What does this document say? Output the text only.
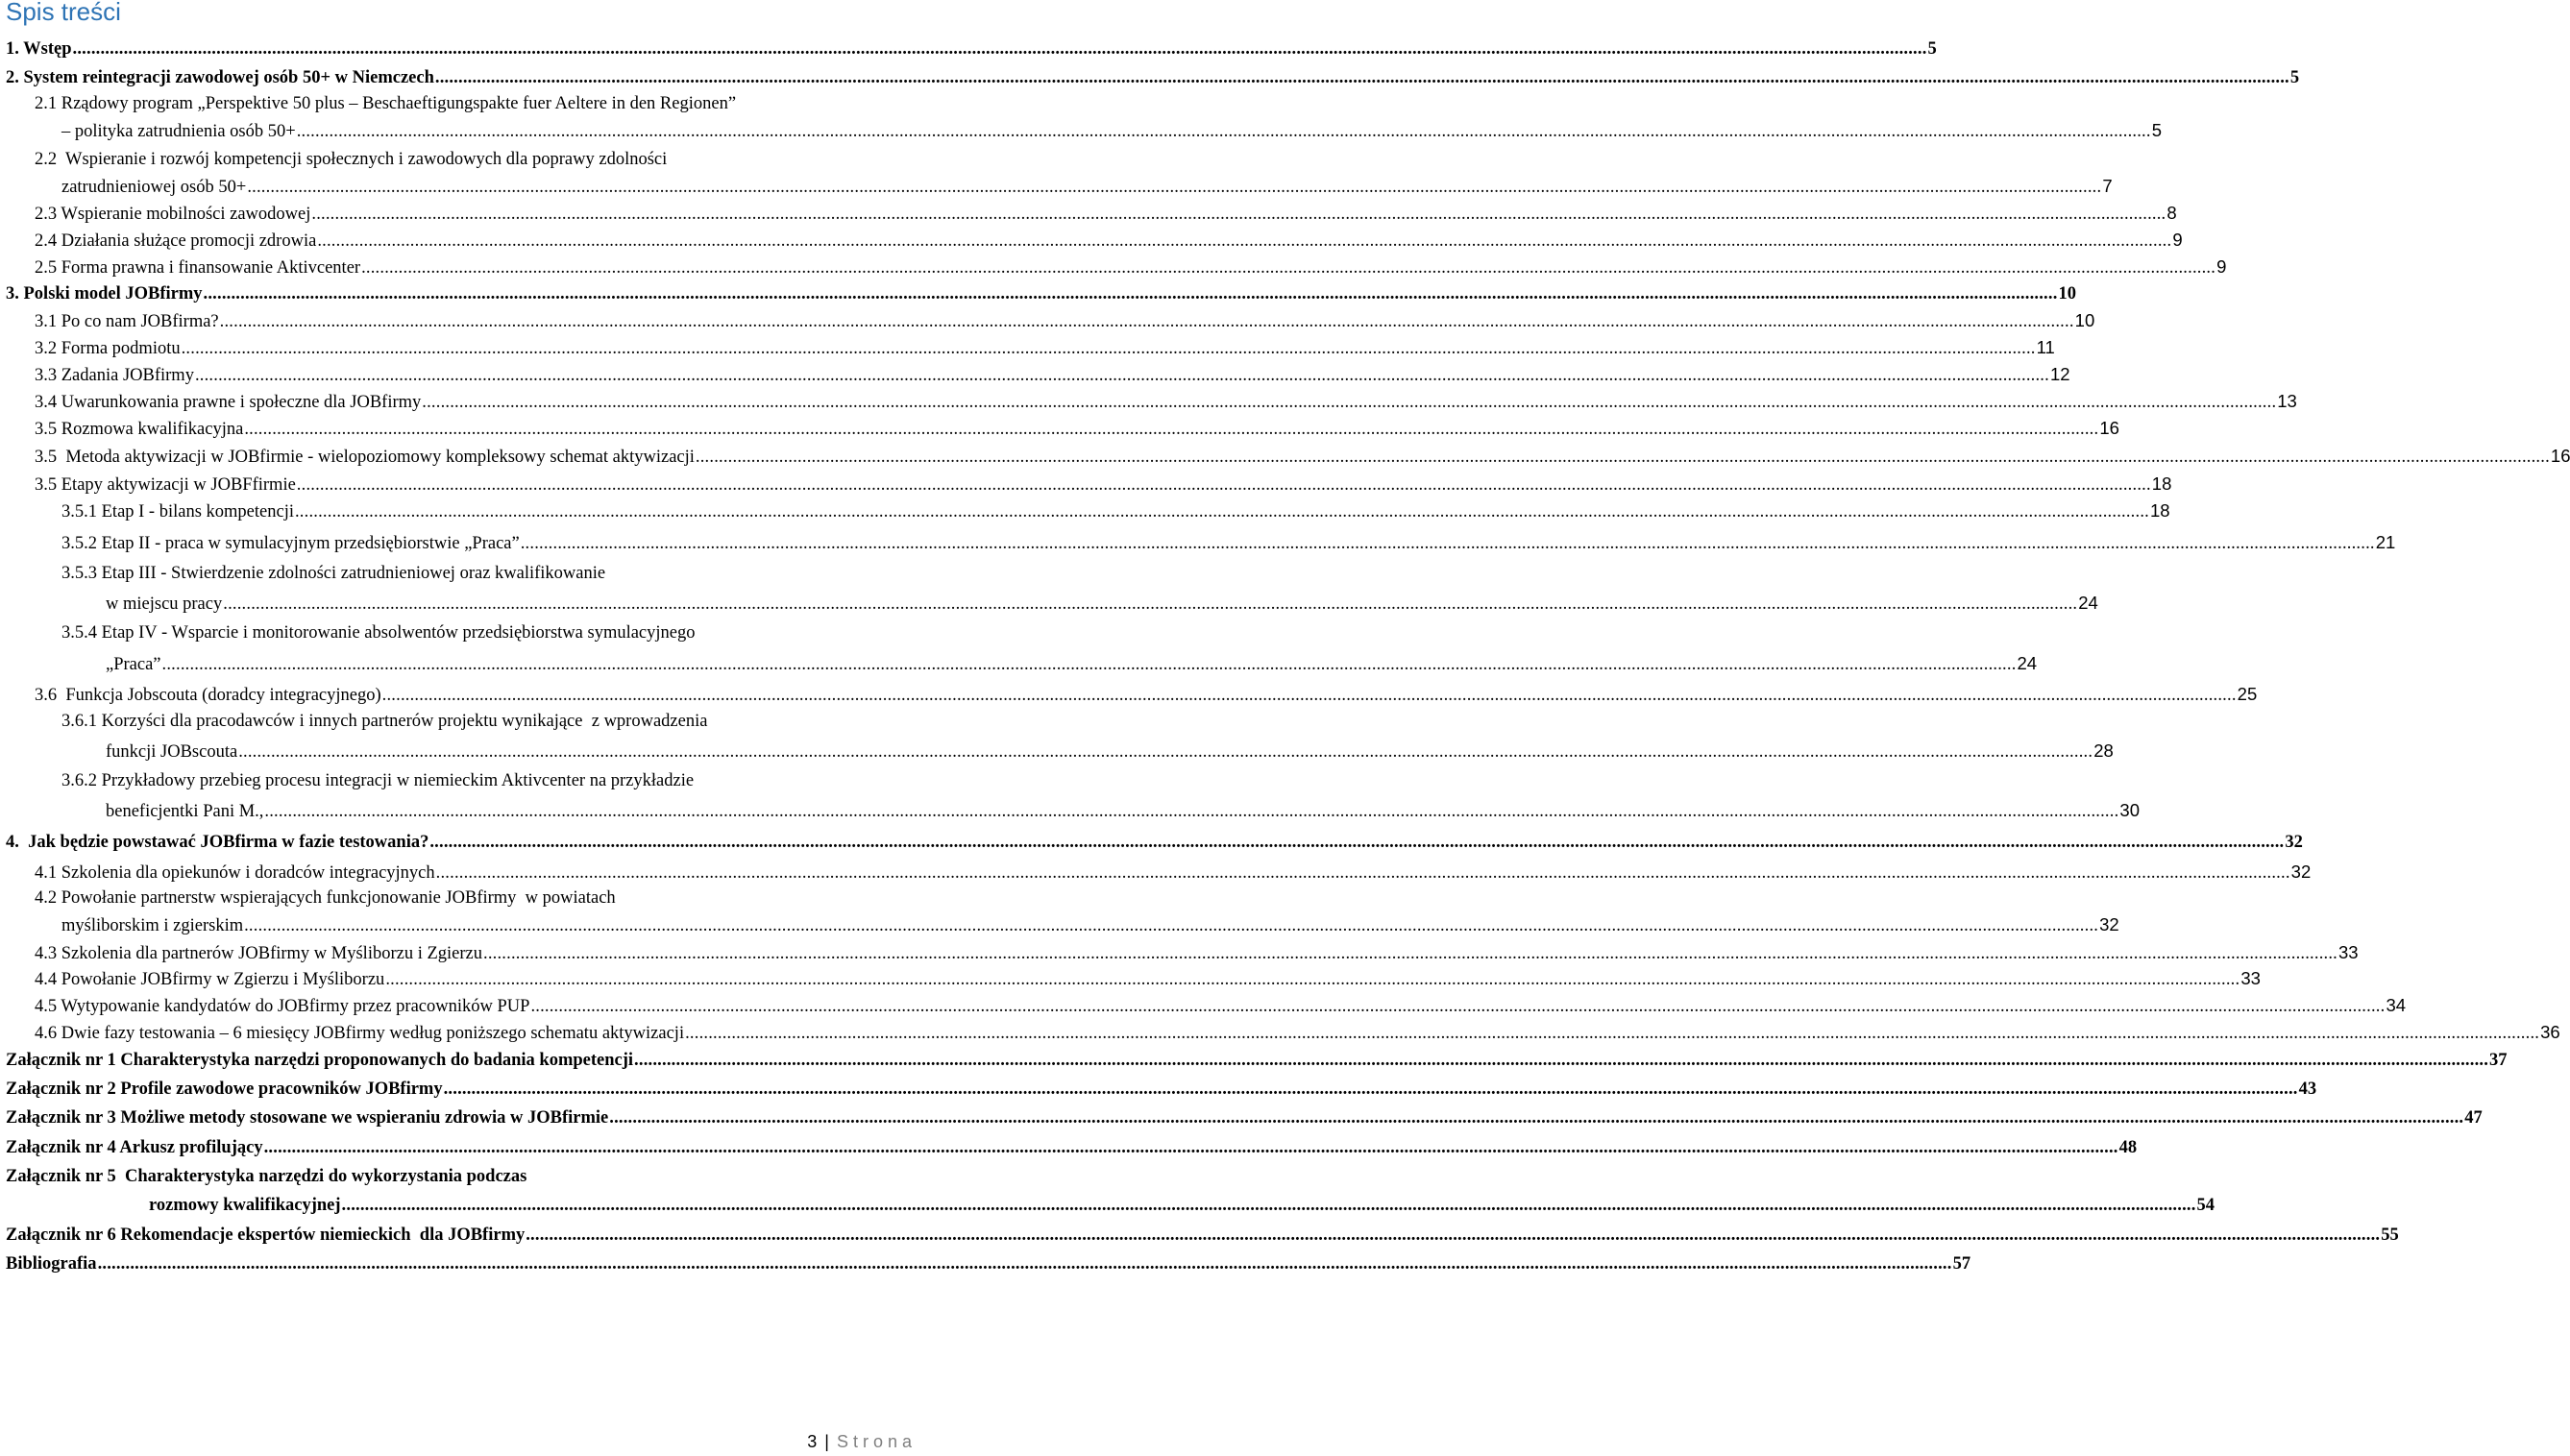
Spis treści
1. Wstęp ................................................................................................................................................................................................................................................................................................................................................................................................................ 5
2. System reintegracji zawodowej osób 50+ w Niemczech ................................................................................................................................................................................................................................................................................................................................................................................................................ 5
2.1 Rządowy program „Perspektive 50 plus – Beschaeftigungspakte fuer Aeltere in den Regionen”
– polityka zatrudnienia osób 50+ ................................................................................................................................................................................................................................................................................................................................................................................................................ 5
2.2  Wspieranie i rozwój kompetencji społecznych i zawodowych dla poprawy zdolności
zatrudnieniowej osób 50+ ................................................................................................................................................................................................................................................................................................................................................................................................................ 7
2.3 Wspieranie mobilności zawodowej ................................................................................................................................................................................................................................................................................................................................................................................................................ 8
2.4 Działania służące promocji zdrowia ................................................................................................................................................................................................................................................................................................................................................................................................................ 9
2.5 Forma prawna i finansowanie Aktivcenter ................................................................................................................................................................................................................................................................................................................................................................................................................ 9
3. Polski model JOBfirmy ................................................................................................................................................................................................................................................................................................................................................................................................................ 10
3.1 Po co nam JOBfirma? ................................................................................................................................................................................................................................................................................................................................................................................................................ 10
3.2 Forma podmiotu ................................................................................................................................................................................................................................................................................................................................................................................................................ 11
3.3 Zadania JOBfirmy ................................................................................................................................................................................................................................................................................................................................................................................................................ 12
3.4 Uwarunkowania prawne i społeczne dla JOBfirmy ................................................................................................................................................................................................................................................................................................................................................................................................................ 13
3.5 Rozmowa kwalifikacyjna ................................................................................................................................................................................................................................................................................................................................................................................................................ 16
3.5  Metoda aktywizacji w JOBfirmie - wielopoziomowy kompleksowy schemat aktywizacji ................................................................................................................................................................................................................................................................................................................................................................................................................ 16
3.5 Etapy aktywizacji w JOBFfirmie ................................................................................................................................................................................................................................................................................................................................................................................................................ 18
3.5.1 Etap I - bilans kompetencji ................................................................................................................................................................................................................................................................................................................................................................................................................ 18
3.5.2 Etap II - praca w symulacyjnym przedsiębiorstwie „Praca” ................................................................................................................................................................................................................................................................................................................................................................................................................ 21
3.5.3 Etap III - Stwierdzenie zdolności zatrudnieniowej oraz kwalifikowanie
w miejscu pracy ................................................................................................................................................................................................................................................................................................................................................................................................................ 24
3.5.4 Etap IV - Wsparcie i monitorowanie absolwentów przedsiębiorstwa symulacyjnego
„Praca” ................................................................................................................................................................................................................................................................................................................................................................................................................ 24
3.6  Funkcja Jobscouta (doradcy integracyjnego) ................................................................................................................................................................................................................................................................................................................................................................................................................ 25
3.6.1 Korzyści dla pracodawców i innych partnerów projektu wynikające  z wprowadzenia
funkcji JOBscouta ................................................................................................................................................................................................................................................................................................................................................................................................................ 28
3.6.2 Przykładowy przebieg procesu integracji w niemieckim Aktivcenter na przykładzie
beneficjentki Pani M., ................................................................................................................................................................................................................................................................................................................................................................................................................ 30
4.  Jak będzie powstawać JOBfirma w fazie testowania? ................................................................................................................................................................................................................................................................................................................................................................................................................ 32
4.1 Szkolenia dla opiekunów i doradców integracyjnych ................................................................................................................................................................................................................................................................................................................................................................................................................ 32
4.2 Powołanie partnerstw wspierających funkcjonowanie JOBfirmy  w powiatach
myśliborskim i zgierskim ................................................................................................................................................................................................................................................................................................................................................................................................................ 32
4.3 Szkolenia dla partnerów JOBfirmy w Myśliborzu i Zgierzu ................................................................................................................................................................................................................................................................................................................................................................................................................ 33
4.4 Powołanie JOBfirmy w Zgierzu i Myśliborzu ................................................................................................................................................................................................................................................................................................................................................................................................................ 33
4.5 Wytypowanie kandydatów do JOBfirmy przez pracowników PUP ................................................................................................................................................................................................................................................................................................................................................................................................................ 34
4.6 Dwie fazy testowania – 6 miesięcy JOBfirmy według poniższego schematu aktywizacji ................................................................................................................................................................................................................................................................................................................................................................................................................ 36
Załącznik nr 1 Charakterystyka narzędzi proponowanych do badania kompetencji ................................................................................................................................................................................................................................................................................................................................................................................................................ 37
Załącznik nr 2 Profile zawodowe pracowników JOBfirmy ................................................................................................................................................................................................................................................................................................................................................................................................................ 43
Załącznik nr 3 Możliwe metody stosowane we wspieraniu zdrowia w JOBfirmie ................................................................................................................................................................................................................................................................................................................................................................................................................ 47
Załącznik nr 4 Arkusz profilujący ................................................................................................................................................................................................................................................................................................................................................................................................................ 48
Załącznik nr 5  Charakterystyka narzędzi do wykorzystania podczas
rozmowy kwalifikacyjnej ................................................................................................................................................................................................................................................................................................................................................................................................................ 54
Załącznik nr 6 Rekomendacje ekspertów niemieckich  dla JOBfirmy ................................................................................................................................................................................................................................................................................................................................................................................................................ 55
Bibliografia ................................................................................................................................................................................................................................................................................................................................................................................................................ 57
3 | Strona
